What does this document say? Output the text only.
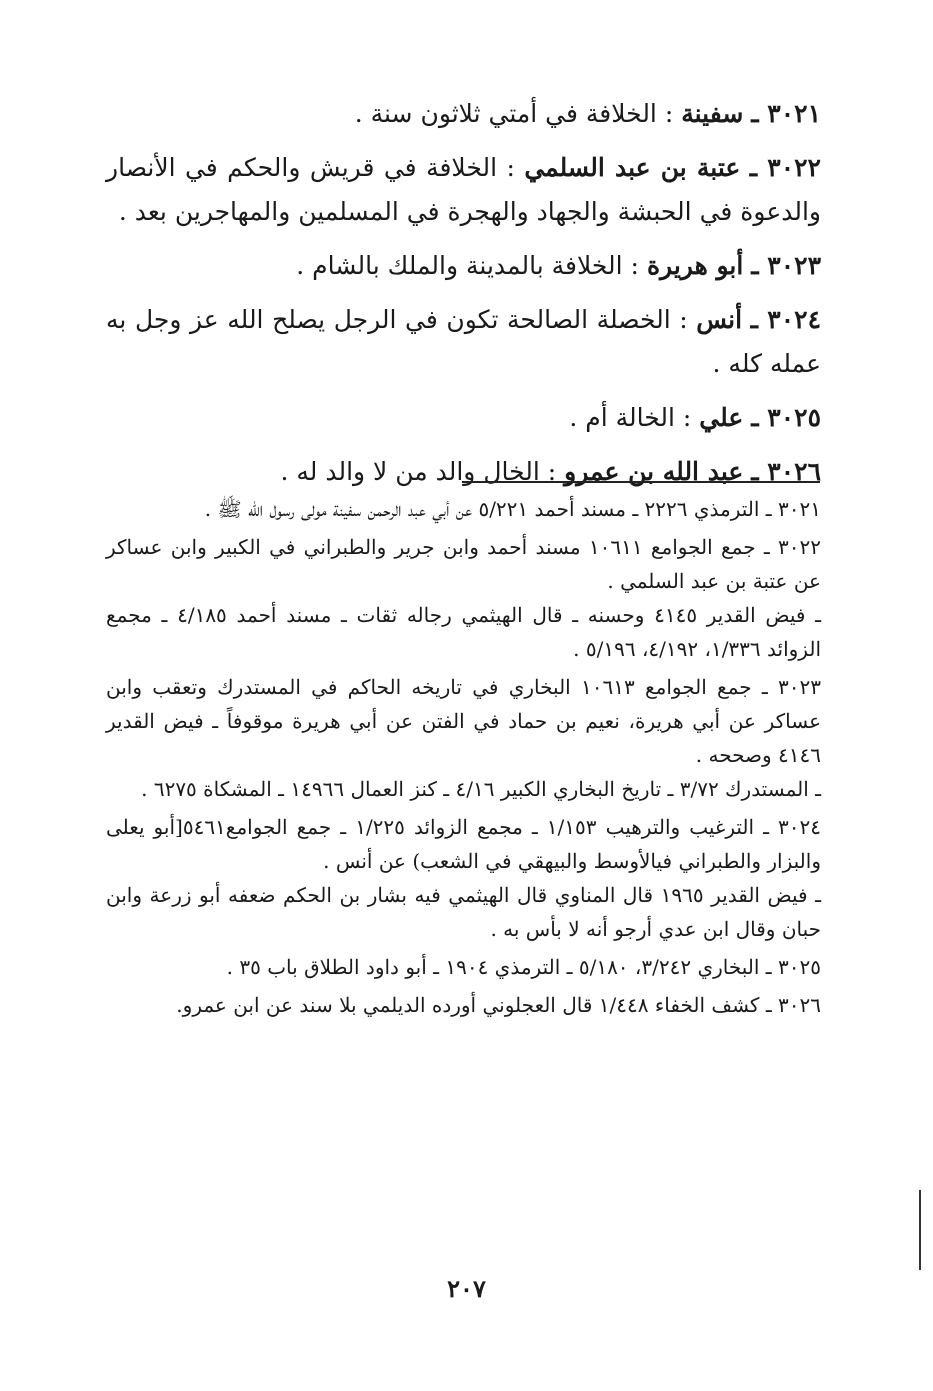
٣٠٢١ ـ سفينة : الخلافة في أمتي ثلاثون سنة .

٣٠٢٢ ـ عتبة بن عبد السلمي : الخلافة في قريش والحكم في الأنصار والدعوة في الحبشة والجهاد والهجرة في المسلمين والمهاجرين بعد .

٣٠٢٣ ـ أبو هريرة : الخلافة بالمدينة والملك بالشام .

٣٠٢٤ ـ أنس : الخصلة الصالحة تكون في الرجل يصلح الله عز وجل به عمله كله .

٣٠٢٥ ـ علي : الخالة أم .

٣٠٢٦ ـ عبد الله بن عمرو : الخال والد من لا والد له .

٣٠٢١ ـ الترمذي ٢٢٢٦ ـ مسند أحمد ٥/٢٢١ عن أبي عبد الرحمن سفينة مولى رسول الله ﷺ .

٣٠٢٢ ـ جمع الجوامع ١٠٦١١ مسند أحمد وابن جرير والطبراني في الكبير وابن عساكر عن عتبة بن عبد السلمي .
ـ فيض القدير ٤١٤٥ وحسنه ـ قال الهيثمي رجاله ثقات ـ مسند أحمد ٤/١٨٥ ـ مجمع الزوائد ١/٣٣٦، ٤/١٩٢، ٥/١٩٦ .

٣٠٢٣ ـ جمع الجوامع ١٠٦١٣ البخاري في تاريخه الحاكم في المستدرك وتعقب وابن عساكر عن أبي هريرة، نعيم بن حماد في الفتن عن أبي هريرة موقوفاً ـ فيض القدير ٤١٤٦ وصححه .
ـ المستدرك ٣/٧٢ ـ تاريخ البخاري الكبير ٤/١٦ ـ كنز العمال ١٤٩٦٦ ـ المشكاة ٦٢٧٥ .

٣٠٢٤ ـ الترغيب والترهيب ١/١٥٣ ـ مجمع الزوائد ١/٢٢٥ ـ جمع الجوامع٥٤٦١[أبو يعلى والبزار والطبراني فيالأوسط والبيهقي في الشعب) عن أنس .
ـ فيض القدير ١٩٦٥ قال المناوي قال الهيثمي فيه بشار بن الحكم ضعفه أبو زرعة وابن حبان وقال ابن عدي أرجو أنه لا بأس به .

٣٠٢٥ ـ البخاري ٣/٢٤٢، ٥/١٨٠ ـ الترمذي ١٩٠٤ ـ أبو داود الطلاق باب ٣٥ .

٣٠٢٦ ـ كشف الخفاء ١/٤٤٨ قال العجلوني أورده الديلمي بلا سند عن ابن عمرو.

٢٠٧
